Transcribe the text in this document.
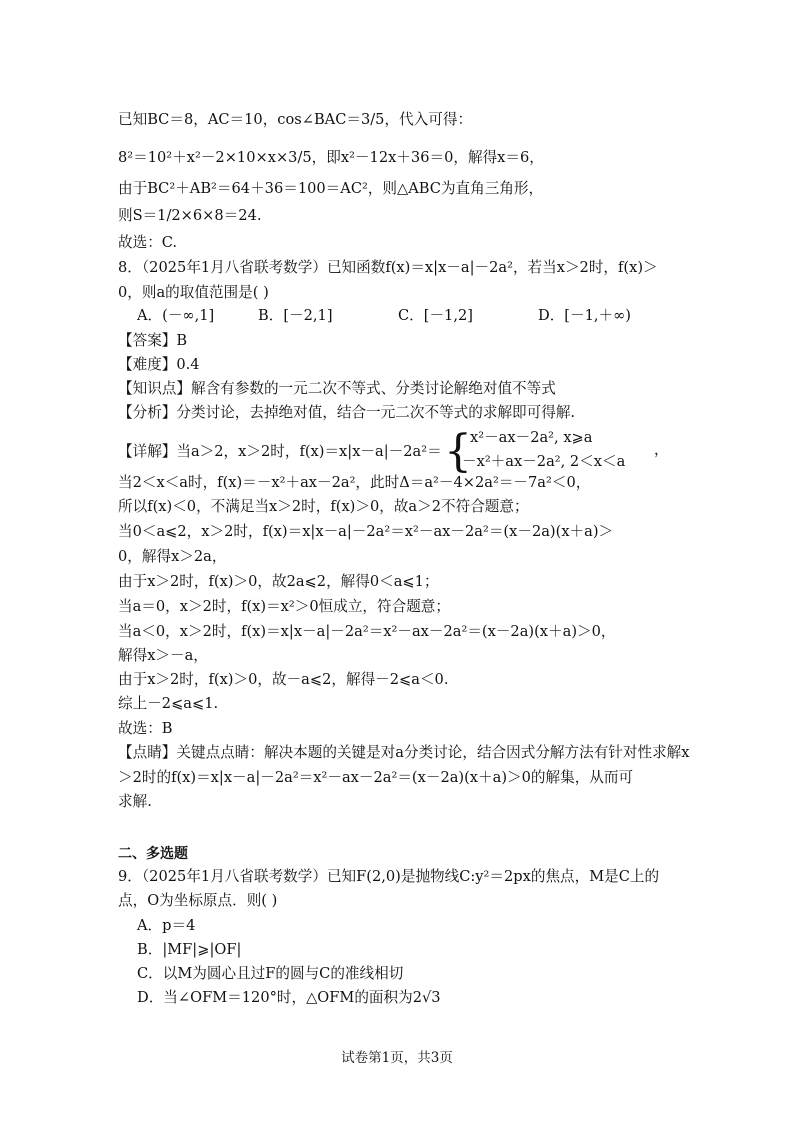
已知BC＝8，AC＝10，cos∠BAC＝3/5，代入可得：
8²＝10²＋x²－2×10×x×3/5，即x²－12x＋36＝0，解得x＝6，
由于BC²＋AB²＝64＋36＝100＝AC²，则△ABC为直角三角形，
则S＝1/2×6×8＝24.
故选：C.
8．（2025年1月八省联考数学）已知函数f(x)＝x|x－a|－2a²，若当x＞2时，f(x)＞
0，则a的取值范围是( )
A．(－∞,1]	B．[－2,1]	C．[－1,2]	D．[－1,＋∞)
【答案】B
【难度】0.4
【知识点】解含有参数的一元二次不等式、分类讨论解绝对值不等式
【分析】分类讨论，去掉绝对值，结合一元二次不等式的求解即可得解.
【详解】当a＞2，x＞2时，f(x)＝x|x－a|－2a²＝ {
x²－ax－2a², x⩾a
－x²＋ax－2a², 2＜x＜a
，
当2＜x＜a时，f(x)＝－x²＋ax－2a²，此时Δ＝a²－4×2a²＝－7a²＜0，
所以f(x)＜0，不满足当x＞2时，f(x)＞0，故a＞2不符合题意；
当0＜a⩽2，x＞2时，f(x)＝x|x－a|－2a²＝x²－ax－2a²＝(x－2a)(x＋a)＞
0，解得x＞2a，
由于x＞2时，f(x)＞0，故2a⩽2，解得0＜a⩽1；
当a＝0，x＞2时，f(x)＝x²＞0恒成立，符合题意；
当a＜0，x＞2时，f(x)＝x|x－a|－2a²＝x²－ax－2a²＝(x－2a)(x＋a)＞0，
解得x＞－a，
由于x＞2时，f(x)＞0，故－a⩽2，解得－2⩽a＜0.
综上－2⩽a⩽1.
故选：B
【点睛】关键点点睛：解决本题的关键是对a分类讨论，结合因式分解方法有针对性求解x
＞2时的f(x)＝x|x－a|－2a²＝x²－ax－2a²＝(x－2a)(x＋a)＞0的解集，从而可
求解.
二、多选题
9．（2025年1月八省联考数学）已知F(2,0)是抛物线C:y²＝2px的焦点，M是C上的
点，O为坐标原点．则( )
A．p＝4
B．|MF|⩾|OF|
C．以M为圆心且过F的圆与C的准线相切
D．当∠OFM＝120°时，△OFM的面积为2√3
试卷第1页，共3页
